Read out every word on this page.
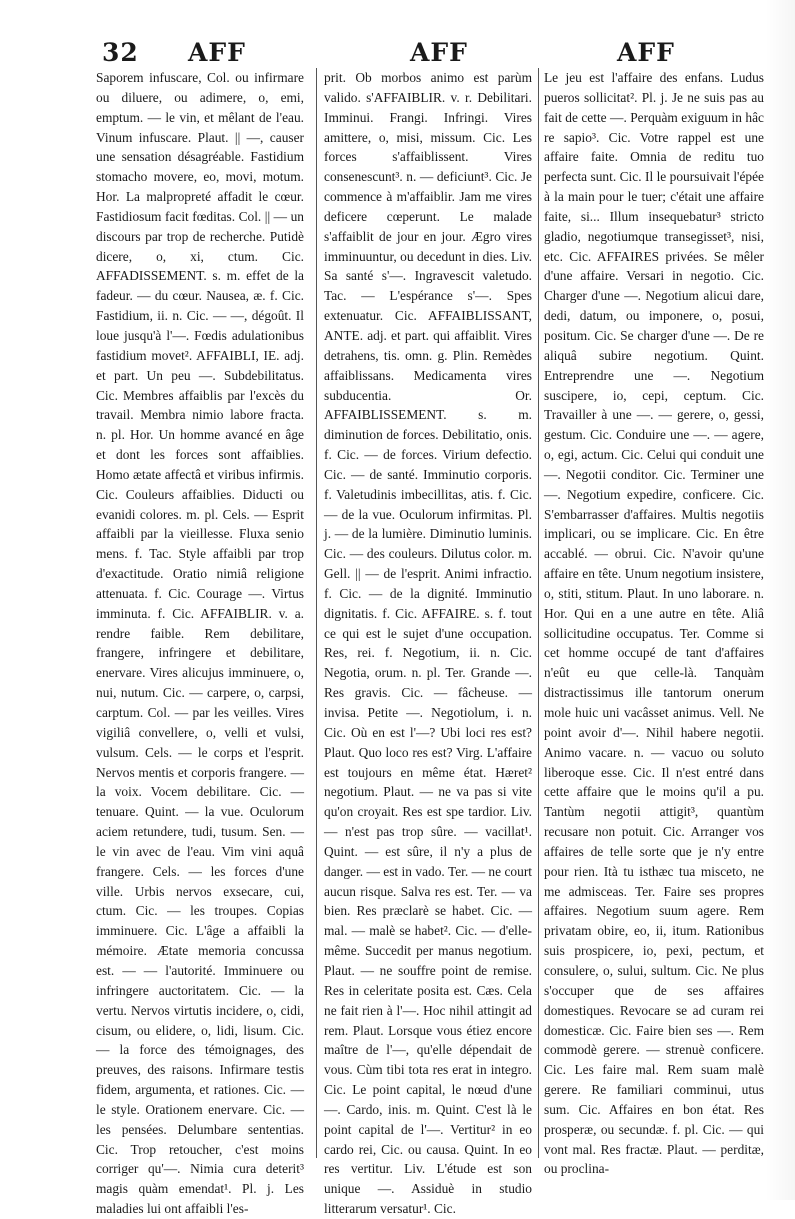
32 AFF	AFF	AFF

Saporem infuscare, Col. ou infirmare ou diluere, ou adimere, o, emi, emptum. — le vin, et mêlant de l'eau. Vinum infuscare. Plaut. || —, causer une sensation désagréable. Fastidium stomacho movere, eo, movi, motum. Hor. La malpropreté affadit le cœur. Fastidiosum facit fœditas. Col. || — un discours par trop de recherche. Putidè dicere, o, xi, ctum. Cic. AFFADISSEMENT. s. m. effet de la fadeur. — du cœur. Nausea, æ. f. Cic. Fastidium, ii. n. Cic. — —, dégoût. Il loue jusqu'à l'—. Fœdis adulationibus fastidium movet². AFFAIBLI, IE. adj. et part. Un peu —. Subdebilitatus. Cic. Membres affaiblis par l'excès du travail. Membra nimio labore fracta. n. pl. Hor. Un homme avancé en âge et dont les forces sont affaiblies. Homo ætate affectâ et viribus infirmis. Cic. Couleurs affaiblies. Diducti ou evanidi colores. m. pl. Cels. — Esprit affaibli par la vieillesse. Fluxa senio mens. f. Tac. Style affaibli par trop d'exactitude. Oratio nimiâ religione attenuata. f. Cic. Courage —. Virtus imminuta. f. Cic. AFFAIBLIR. v. a. rendre faible. Rem debilitare, frangere, infringere et debilitare, enervare. Vires alicujus imminuere, o, nui, nutum. Cic. — carpere, o, carpsi, carptum. Col. — par les veilles. Vires vigiliâ convellere, o, velli et vulsi, vulsum. Cels. — le corps et l'esprit. Nervos mentis et corporis frangere. — la voix. Vocem debilitare. Cic. — tenuare. Quint. — la vue. Oculorum aciem retundere, tudi, tusum. Sen. — le vin avec de l'eau. Vim vini aquâ frangere. Cels. — les forces d'une ville. Urbis nervos exsecare, cui, ctum. Cic. — les troupes. Copias imminuere. Cic. L'âge a affaibli la mémoire. Ætate memoria concussa est. — — l'autorité. Imminuere ou infringere auctoritatem. Cic. — la vertu. Nervos virtutis incidere, o, cidi, cisum, ou elidere, o, lidi, lisum. Cic. — la force des témoignages, des preuves, des raisons. Infirmare testis fidem, argumenta, et rationes. Cic. — le style. Orationem enervare. Cic. — les pensées. Delumbare sententias. Cic. Trop retoucher, c'est moins corriger qu'—. Nimia cura deterit³ magis quàm emendat¹. Pl. j. Les maladies lui ont affaibli l'es-

prit. Ob morbos animo est parùm valido. s'AFFAIBLIR. v. r. Debilitari. Imminui. Frangi. Infringi. Vires amittere, o, misi, missum. Cic. Les forces s'affaiblissent. Vires consenescunt³. n. — deficiunt³. Cic. Je commence à m'affaiblir. Jam me vires deficere cœperunt. Le malade s'affaiblit de jour en jour. Ægro vires imminuuntur, ou decedunt in dies. Liv. Sa santé s'—. Ingravescit valetudo. Tac. — L'espérance s'—. Spes extenuatur. Cic. AFFAIBLISSANT, ANTE. adj. et part. qui affaiblit. Vires detrahens, tis. omn. g. Plin. Remèdes affaiblissans. Medicamenta vires subducentia. Or. AFFAIBLISSEMENT. s. m. diminution de forces. Debilitatio, onis. f. Cic. — de forces. Virium defectio. Cic. — de santé. Imminutio corporis. f. Valetudinis imbecillitas, atis. f. Cic. — de la vue. Oculorum infirmitas. Pl. j. — de la lumière. Diminutio luminis. Cic. — des couleurs. Dilutus color. m. Gell. || — de l'esprit. Animi infractio. f. Cic. — de la dignité. Imminutio dignitatis. f. Cic. AFFAIRE. s. f. tout ce qui est le sujet d'une occupation. Res, rei. f. Negotium, ii. n. Cic. Negotia, orum. n. pl. Ter. Grande —. Res gravis. Cic. — fâcheuse. — invisa. Petite —. Negotiolum, i. n. Cic. Où en est l'—? Ubi loci res est? Plaut. Quo loco res est? Virg. L'affaire est toujours en même état. Hæret² negotium. Plaut. — ne va pas si vite qu'on croyait. Res est spe tardior. Liv. — n'est pas trop sûre. — vacillat¹. Quint. — est sûre, il n'y a plus de danger. — est in vado. Ter. — ne court aucun risque. Salva res est. Ter. — va bien. Res præclarè se habet. Cic. — mal. — malè se habet². Cic. — d'elle-même. Succedit per manus negotium. Plaut. — ne souffre point de remise. Res in celeritate posita est. Cæs. Cela ne fait rien à l'—. Hoc nihil attingit ad rem. Plaut. Lorsque vous étiez encore maître de l'—, qu'elle dépendait de vous. Cùm tibi tota res erat in integro. Cic. Le point capital, le nœud d'une —. Cardo, inis. m. Quint. C'est là le point capital de l'—. Vertitur² in eo cardo rei, Cic. ou causa. Quint. In eo res vertitur. Liv. L'étude est son unique —. Assiduè in studio litterarum versatur¹. Cic.

Le jeu est l'affaire des enfans. Ludus pueros sollicitat². Pl. j. Je ne suis pas au fait de cette —. Perquàm exiguum in hâc re sapio³. Cic. Votre rappel est une affaire faite. Omnia de reditu tuo perfecta sunt. Cic. Il le poursuivait l'épée à la main pour le tuer; c'était une affaire faite, si... Illum insequebatur³ stricto gladio, negotiumque transegisset³, nisi, etc. Cic. AFFAIRES privées. Se mêler d'une affaire. Versari in negotio. Cic. Charger d'une —. Negotium alicui dare, dedi, datum, ou imponere, o, posui, positum. Cic. Se charger d'une —. De re aliquâ subire negotium. Quint. Entreprendre une —. Negotium suscipere, io, cepi, ceptum. Cic. Travailler à une —. — gerere, o, gessi, gestum. Cic. Conduire une —. — agere, o, egi, actum. Cic. Celui qui conduit une —. Negotii conditor. Cic. Terminer une —. Negotium expedire, conficere. Cic. S'embarrasser d'affaires. Multis negotiis implicari, ou se implicare. Cic. En être accablé. — obrui. Cic. N'avoir qu'une affaire en tête. Unum negotium insistere, o, stiti, stitum. Plaut. In uno laborare. n. Hor. Qui en a une autre en tête. Aliâ sollicitudine occupatus. Ter. Comme si cet homme occupé de tant d'affaires n'eût eu que celle-là. Tanquàm distractissimus ille tantorum onerum mole huic uni vacâsset animus. Vell. Ne point avoir d'—. Nihil habere negotii. Animo vacare. n. — vacuo ou soluto liberoque esse. Cic. Il n'est entré dans cette affaire que le moins qu'il a pu. Tantùm negotii attigit³, quantùm recusare non potuit. Cic. Arranger vos affaires de telle sorte que je n'y entre pour rien. Ità tu isthæc tua misceto, ne me admisceas. Ter. Faire ses propres affaires. Negotium suum agere. Rem privatam obire, eo, ii, itum. Rationibus suis prospicere, io, pexi, pectum, et consulere, o, sului, sultum. Cic. Ne plus s'occuper que de ses affaires domestiques. Revocare se ad curam rei domesticæ. Cic. Faire bien ses —. Rem commodè gerere. — strenuè conficere. Cic. Les faire mal. Rem suam malè gerere. Re familiari comminui, utus sum. Cic. Affaires en bon état. Res prosperæ, ou secundæ. f. pl. Cic. — qui vont mal. Res fractæ. Plaut. — perditæ, ou proclina-
